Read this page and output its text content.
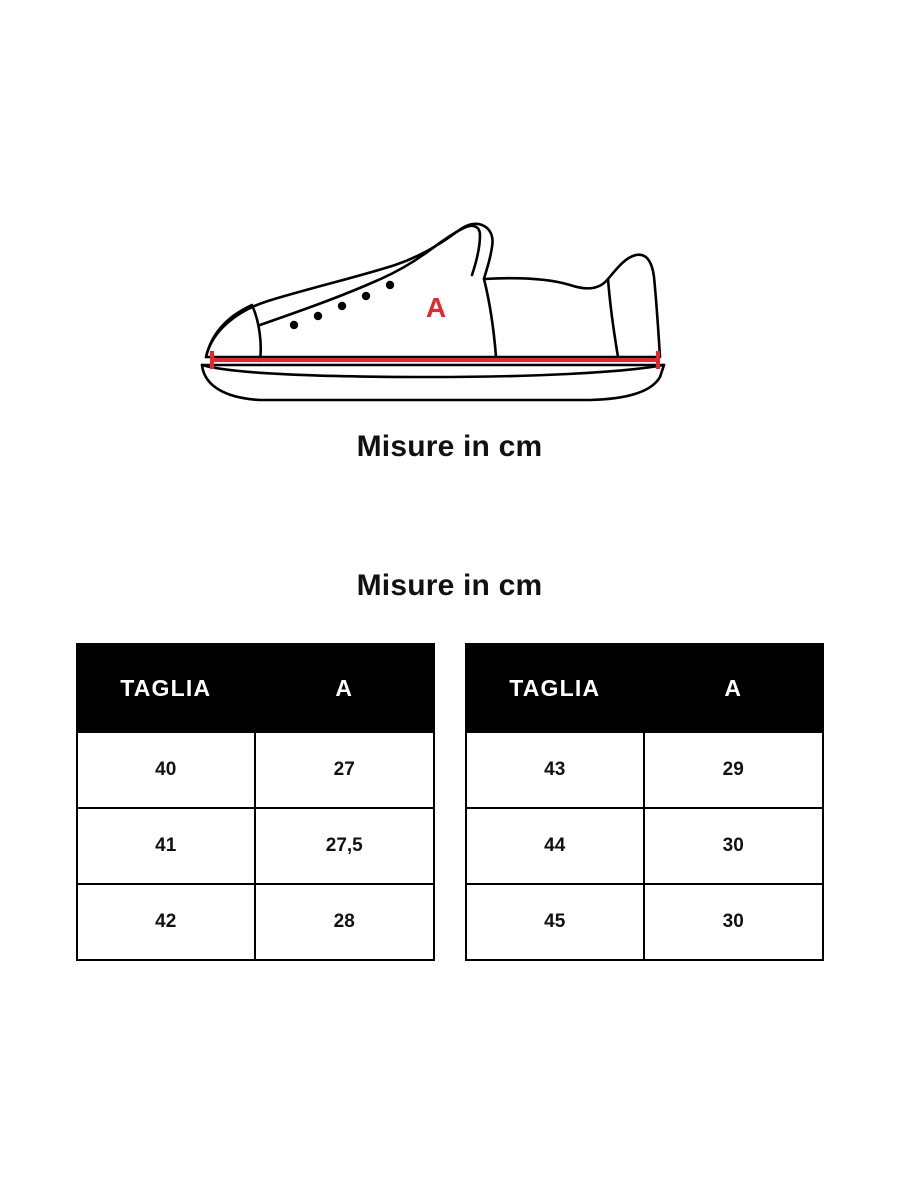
A
Misure in cm
Misure in cm
TAGLIA	A
40	27
41	27,5
42	28
TAGLIA	A
43	29
44	30
45	30
